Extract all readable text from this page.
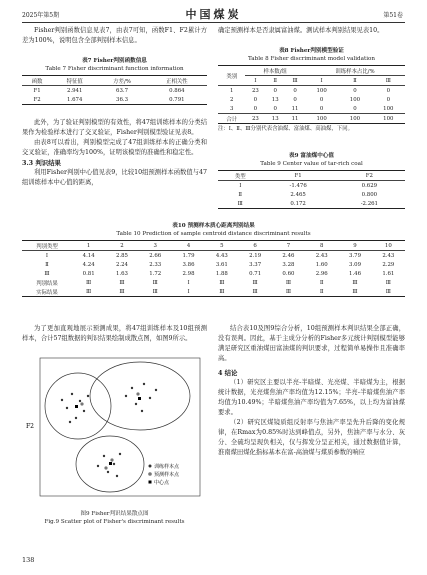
2025年第5期	中国煤炭	第51卷

Fisher判别函数信息见表7，由表7可知，函数F1、F2累计方差为100%，说明包含全部判别样本信息。

表7 Fisher判别函数信息
Table 7 Fisher discriminant function information
函数	特征值	方差/%	正相关性
F1	2.941	63.7	0.864
F2	1.674	36.3	0.791

此外，为了验证判别模型的有效性，将47组训练样本的分类结果作为检验样本进行了交叉验证，Fisher判别模型验证见表8。

由表8可以看出，判别模型完成了47组训练样本的正确分类和交叉验证，准确率均为100%，证明该模型的准确性和稳定性。

3.3 判识结果

利用Fisher判别中心值见表9，比较10组预测样本函数值与47组训练样本中心值的距离，

确定预测样本是否隶属富油煤。测试样本判别结果见表10。

表8 Fisher判别模型验证
Table 8 Fisher discriminant model validation
类别	样本数/组			训练样本占比/%		
	Ⅰ	Ⅱ	Ⅲ	Ⅰ	Ⅱ	Ⅲ
1	23	0	0	100	0	0
2	0	13	0	0	100	0
3	0	0	11	0	0	100
合计	23	13	11	100	100	100
注：Ⅰ、Ⅱ、Ⅲ分别代表含油煤、富油煤、高油煤，下同。
表9 富油煤中心值
Table 9 Center value of tar-rich coal
类型	F1	F2
Ⅰ	-1.476	0.629
Ⅱ	2.465	0.800
Ⅲ	0.172	-2.261
表10 预测样本质心距离判别结果
Table 10 Prediction of sample centroid distance discriminant results
判别类型	1	2	3	4	5	6	7	8	9	10
Ⅰ	4.14	2.85	2.66	1.79	4.43	2.19	2.46	2.43	3.79	2.43
Ⅱ	4.24	2.24	2.33	3.86	3.61	3.37	3.28	1.60	3.09	2.29
Ⅲ	0.81	1.63	1.72	2.98	1.88	0.71	0.60	2.96	1.46	1.61
判别结果	Ⅲ	Ⅲ	Ⅲ	Ⅰ	Ⅲ	Ⅲ	Ⅲ	Ⅱ	Ⅲ	Ⅲ
实际结果	Ⅲ	Ⅲ	Ⅲ	Ⅰ	Ⅲ	Ⅲ	Ⅲ	Ⅱ	Ⅲ	Ⅲ

为了更加直观地展示预测成果，将47组训练样本及10组预测样本，合计57组数据的判识结果绘制成散点图，如图9所示。

F2
训练样本点
预测样本点
中心点
图9 Fisher判识结果散点图
Fig.9 Scatter plot of Fisher's discriminant results

结合表10及图9综合分析，10组预测样本判识结果全部正确，没有误判。因此，基于主成分分析的Fisher多元统计判别模型能够满足研究区重油煤田富油煤的判识要求，过程简单易操作且准确率高。

4 结论

（1）研究区主要以半亮-半暗煤、光亮煤、半暗煤为主，根据统计数据，光亮煤焦油产率均值为12.15%；半亮-半暗煤焦油产率均值为10.49%；半暗煤焦油产率均值为7.65%，以上均为富油煤要求。

（2）研究区煤镜质组反射率与焦油产率呈先升后降的变化规律，在Rmax为0.85%时达到峰值点，另外，焦油产率与水分、灰分、全硫均呈现负相关，仅与挥发分呈正相关，通过数据值计算，淮南煤田煤化指标基本在富-高油煤与煤质参数的响应

138
